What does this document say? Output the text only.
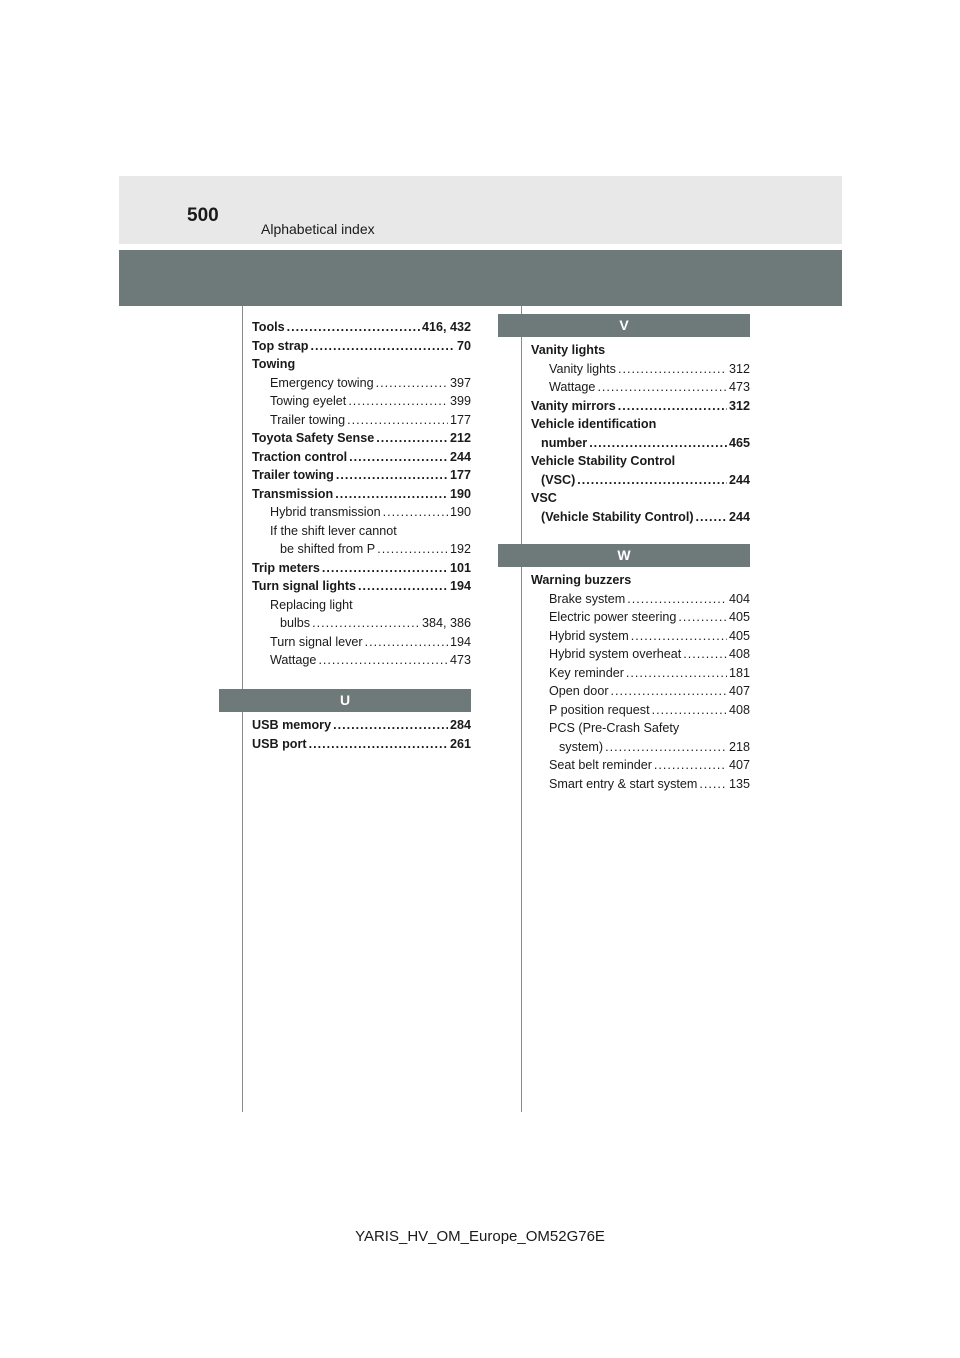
500
Alphabetical index
V
W
U
Tools .....	416, 432
Top strap .....	70
Towing
Emergency towing .....	397
Towing eyelet .....	399
Trailer towing .....	177
Toyota Safety Sense .....	212
Traction control .....	244
Trailer towing .....	177
Transmission .....	190
Hybrid transmission .....	190
If the shift lever cannot
be shifted from P .....	192
Trip meters .....	101
Turn signal lights .....	194
Replacing light
bulbs .....	384, 386
Turn signal lever .....	194
Wattage .....	473
USB memory .....	284
USB port .....	261
Vanity lights
Vanity lights .....	312
Wattage .....	473
Vanity mirrors .....	312
Vehicle identification
number .....	465
Vehicle Stability Control
(VSC) .....	244
VSC
(Vehicle Stability Control) .....	244
Warning buzzers
Brake system .....	404
Electric power steering .....	405
Hybrid system .....	405
Hybrid system overheat .....	408
Key reminder .....	181
Open door .....	407
P position request .....	408
PCS (Pre-Crash Safety
system) .....	218
Seat belt reminder .....	407
Smart entry & start system .....	135
YARIS_HV_OM_Europe_OM52G76E
